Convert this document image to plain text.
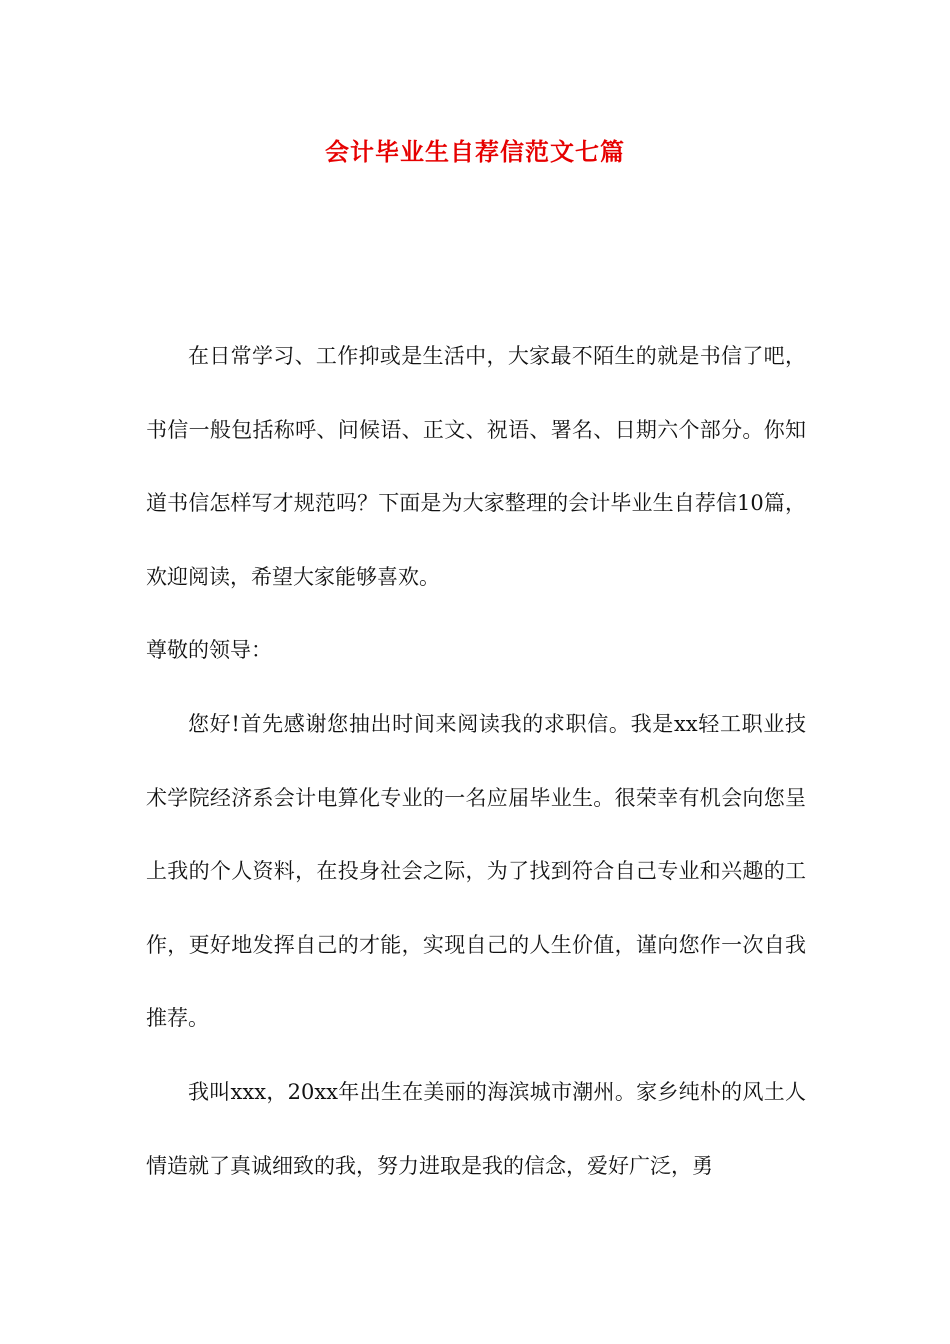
会计毕业生自荐信范文七篇

在日常学习、工作抑或是生活中，大家最不陌生的就是书信了吧，书信一般包括称呼、问候语、正文、祝语、署名、日期六个部分。你知道书信怎样写才规范吗？下面是为大家整理的会计毕业生自荐信10篇，欢迎阅读，希望大家能够喜欢。

尊敬的领导：

您好!首先感谢您抽出时间来阅读我的求职信。我是xx轻工职业技术学院经济系会计电算化专业的一名应届毕业生。很荣幸有机会向您呈上我的个人资料，在投身社会之际，为了找到符合自己专业和兴趣的工作，更好地发挥自己的才能，实现自己的人生价值，谨向您作一次自我推荐。

我叫xxx，20xx年出生在美丽的海滨城市潮州。家乡纯朴的风土人情造就了真诚细致的我，努力进取是我的信念，爱好广泛，勇
